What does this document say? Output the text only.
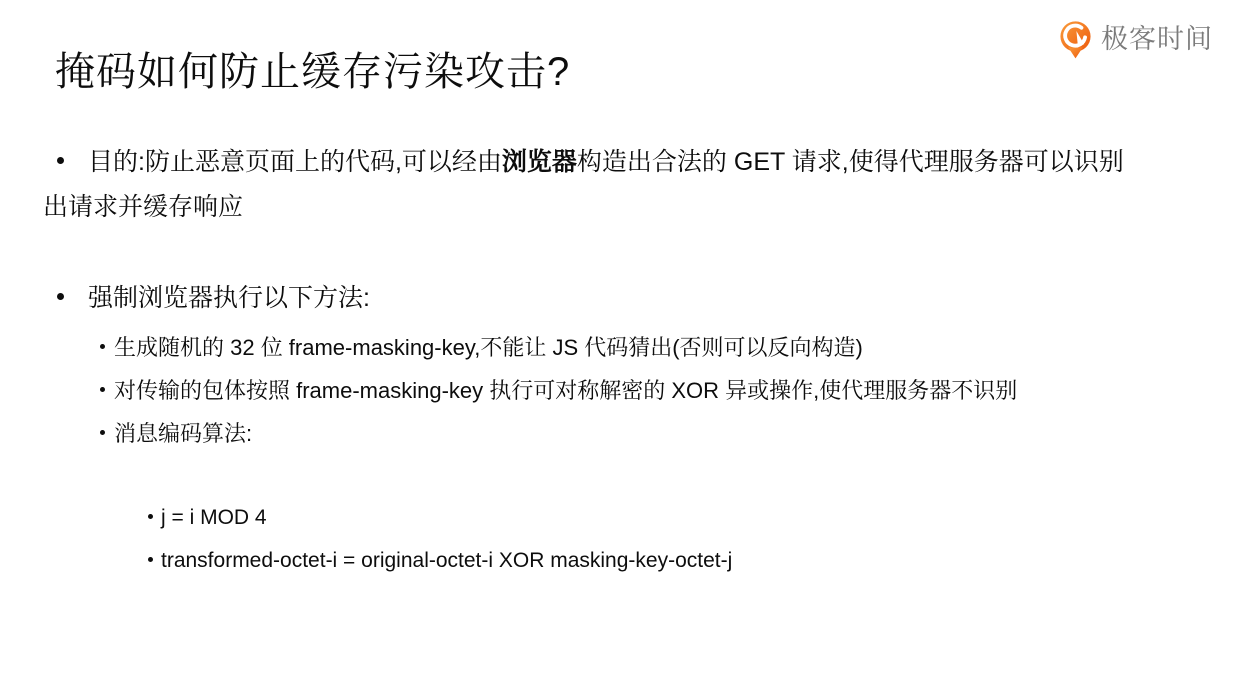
极客时间
掩码如何防止缓存污染攻击?

目的:防止恶意页面上的代码,可以经由浏览器构造出合法的 GET 请求,使得代理服务器可以识别出请求并缓存响应

强制浏览器执行以下方法:

生成随机的 32 位 frame-masking-key,不能让 JS 代码猜出(否则可以反向构造)
对传输的包体按照 frame-masking-key 执行可对称解密的 XOR 异或操作,使代理服务器不识别
消息编码算法:
j = i MOD 4
transformed-octet-i = original-octet-i XOR masking-key-octet-j
